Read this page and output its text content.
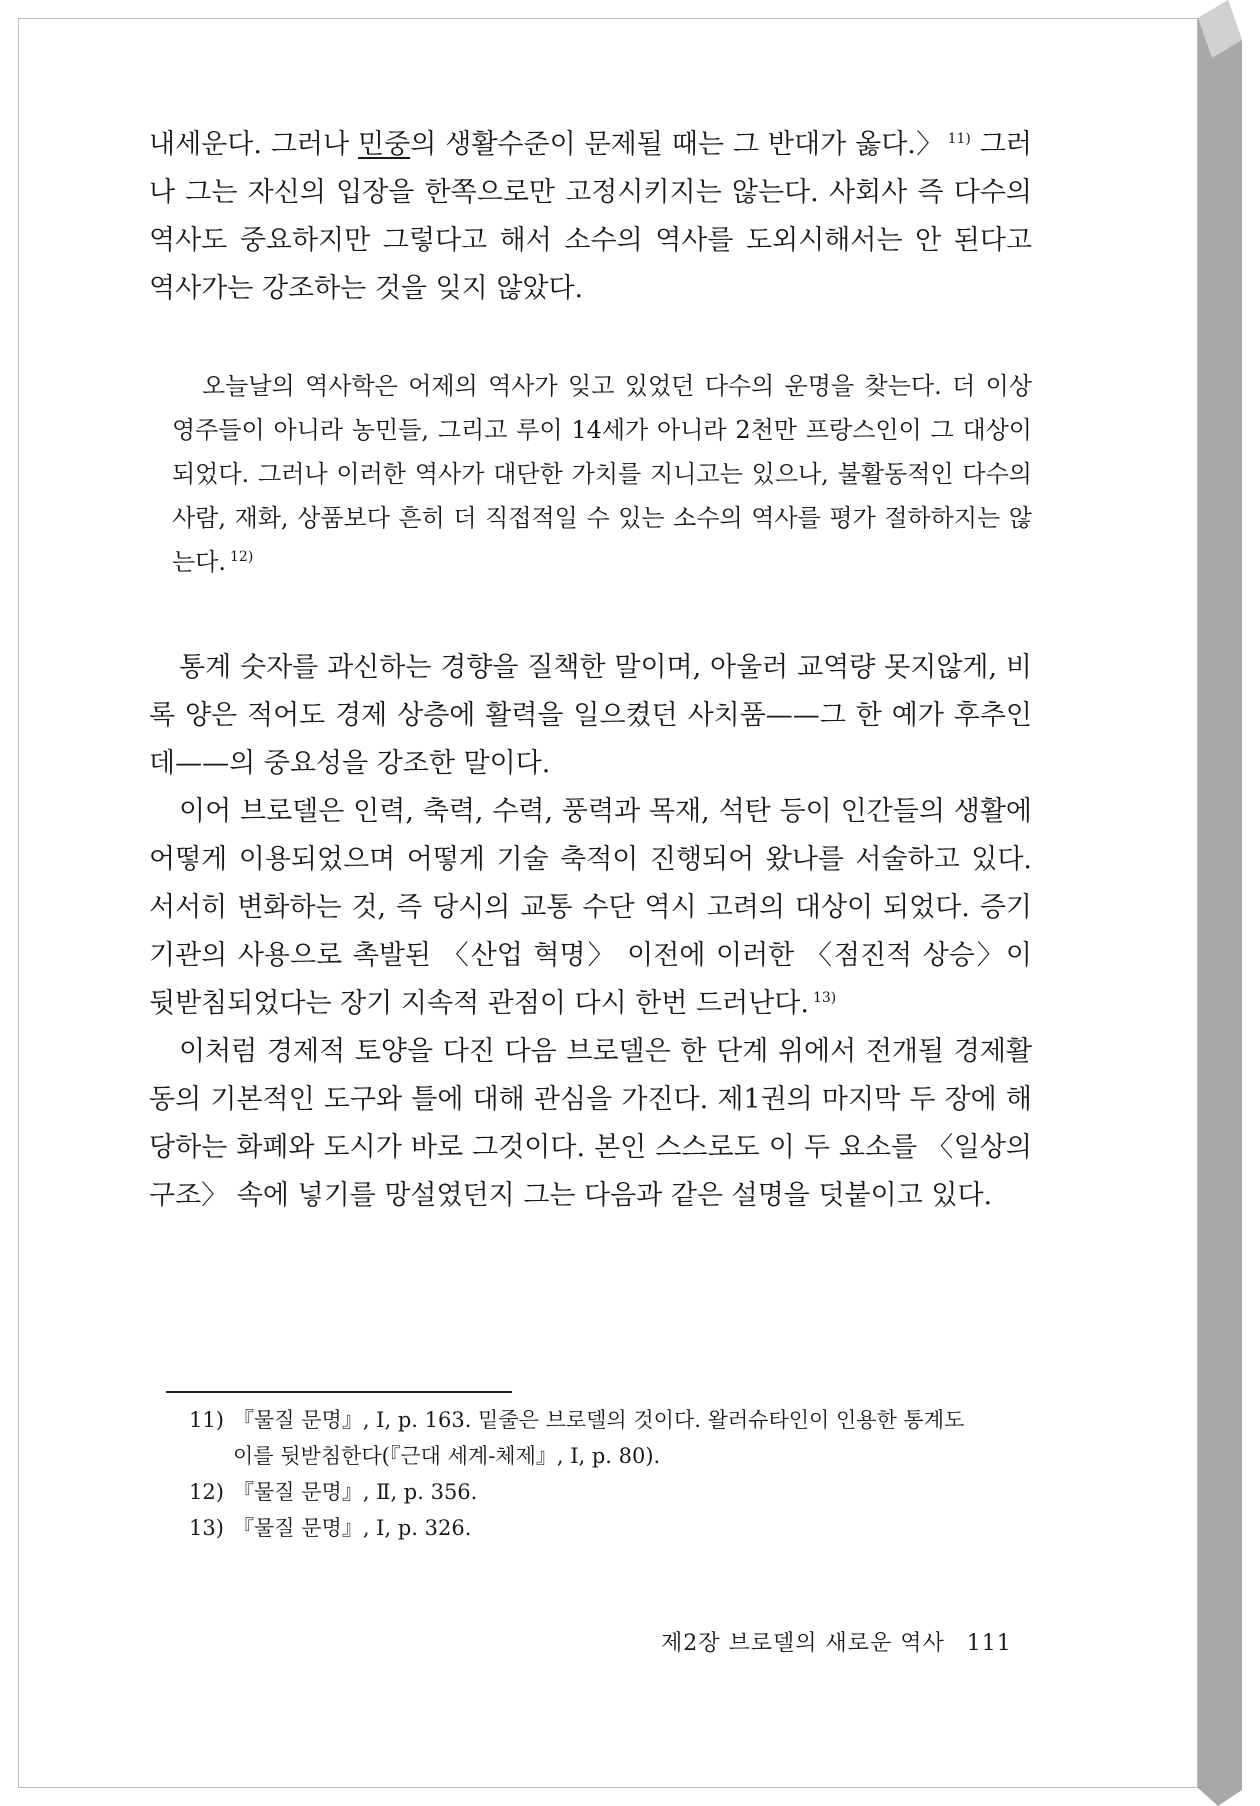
내세운다. 그러나 민중의 생활수준이 문제될 때는 그 반대가 옳다.〉 $^{11)}$ 그러나 그는 자신의 입장을 한쪽으로만 고정시키지는 않는다. 사회사 즉 다수의 역사도 중요하지만 그렇다고 해서 소수의 역사를 도외시해서는 안 된다고 역사가는 강조하는 것을 잊지 않았다.

오늘날의 역사학은 어제의 역사가 잊고 있었던 다수의 운명을 찾는다. 더 이상 영주들이 아니라 농민들, 그리고 루이 14세가 아니라 2천만 프랑스인이 그 대상이 되었다. 그러나 이러한 역사가 대단한 가치를 지니고는 있으나, 불활동적인 다수의 사람, 재화, 상품보다 흔히 더 직접적일 수 있는 소수의 역사를 평가 절하하지는 않는다. $^{12)}$

통계 숫자를 과신하는 경향을 질책한 말이며, 아울러 교역량 못지않게, 비록 양은 적어도 경제 상층에 활력을 일으켰던 사치품——그 한 예가 후추인데——의 중요성을 강조한 말이다.

이어 브로델은 인력, 축력, 수력, 풍력과 목재, 석탄 등이 인간들의 생활에 어떻게 이용되었으며 어떻게 기술 축적이 진행되어 왔나를 서술하고 있다. 서서히 변화하는 것, 즉 당시의 교통 수단 역시 고려의 대상이 되었다. 증기 기관의 사용으로 촉발된 〈산업 혁명〉 이전에 이러한 〈점진적 상승〉이 뒷받침되었다는 장기 지속적 관점이 다시 한번 드러난다. $^{13)}$

이처럼 경제적 토양을 다진 다음 브로델은 한 단계 위에서 전개될 경제활동의 기본적인 도구와 틀에 대해 관심을 가진다. 제1권의 마지막 두 장에 해당하는 화폐와 도시가 바로 그것이다. 본인 스스로도 이 두 요소를 〈일상의 구조〉 속에 넣기를 망설였던지 그는 다음과 같은 설명을 덧붙이고 있다.

11) 『물질 문명』, Ⅰ, p. 163. 밑줄은 브로델의 것이다. 왈러슈타인이 인용한 통계도
이를 뒷받침한다(『근대 세계-체제』, Ⅰ, p. 80).
12) 『물질 문명』, Ⅱ, p. 356.
13) 『물질 문명』, Ⅰ, p. 326.
제2장 브로델의 새로운 역사 111
